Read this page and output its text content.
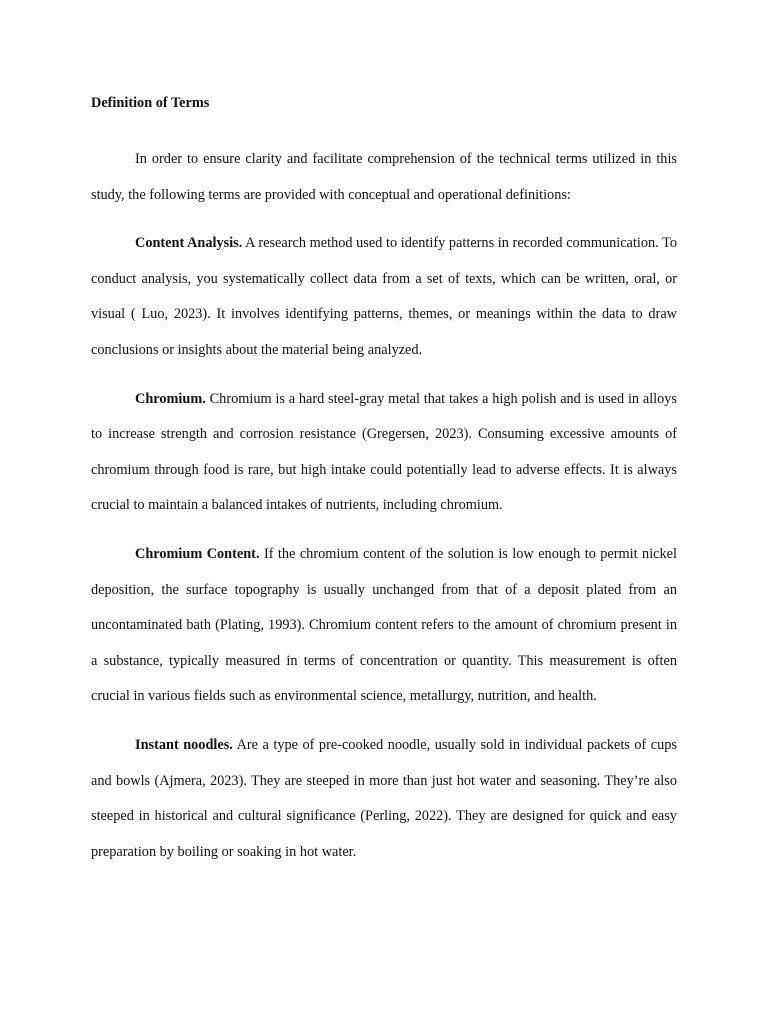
Definition of Terms

In order to ensure clarity and facilitate comprehension of the technical terms utilized in this study, the following terms are provided with conceptual and operational definitions:

Content Analysis. A research method used to identify patterns in recorded communication. To conduct analysis, you systematically collect data from a set of texts, which can be written, oral, or visual ( Luo, 2023). It involves identifying patterns, themes, or meanings within the data to draw conclusions or insights about the material being analyzed.

Chromium. Chromium is a hard steel-gray metal that takes a high polish and is used in alloys to increase strength and corrosion resistance (Gregersen, 2023). Consuming excessive amounts of chromium through food is rare, but high intake could potentially lead to adverse effects. It is always crucial to maintain a balanced intakes of nutrients, including chromium.

Chromium Content. If the chromium content of the solution is low enough to permit nickel deposition, the surface topography is usually unchanged from that of a deposit plated from an uncontaminated bath (Plating, 1993). Chromium content refers to the amount of chromium present in a substance, typically measured in terms of concentration or quantity. This measurement is often crucial in various fields such as environmental science, metallurgy, nutrition, and health.

Instant noodles. Are a type of pre-cooked noodle, usually sold in individual packets of cups and bowls (Ajmera, 2023). They are steeped in more than just hot water and seasoning. They’re also steeped in historical and cultural significance (Perling, 2022). They are designed for quick and easy preparation by boiling or soaking in hot water.
